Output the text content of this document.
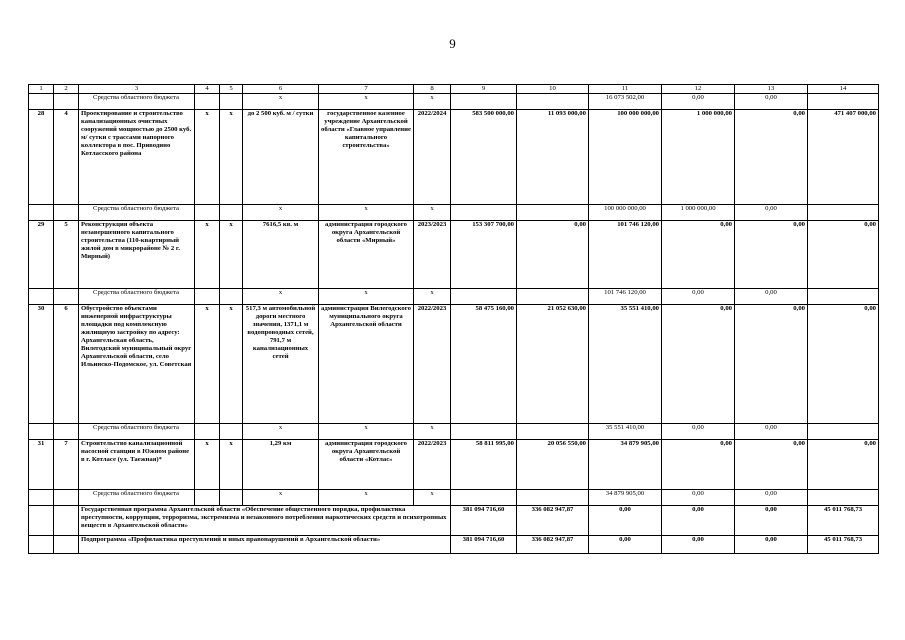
9
1	2	3	4	5	6	7	8	9	10	11	12	13	14
		Средства областного бюджета			х	х	х			16 073 502,00	0,00	0,00	
28	4	Проектирование и строительство канализационных очистных сооружений мощностью до 2500 куб. м/ сутки с трассами напорного коллектора в пос. Приводино Котласского района	х	х	до 2 500 куб. м / сутки	государственное казенное учреждение Архангельской области «Главное управление капитального строительства»	2022/2024	583 500 000,00	11 093 000,00	100 000 000,00	1 000 000,00	0,00	471 407 000,00
		Средства областного бюджета			х	х	х			100 000 000,00	1 000 000,00	0,00	
29	5	Реконструкция объекта незавершенного капитального строительства (110-квартирный жилой дом в микрорайоне № 2 г. Мирный)	х	х	7616,5 кв. м	администрация городского округа Архангельской области «Мирный»	2023/2023	153 307 700,00	0,00	101 746 120,00	0,00	0,00	0,00
		Средства областного бюджета			х	х	х			101 746 120,00	0,00	0,00	
30	6	Обустройство объектами инженерной инфраструктуры площадки под комплексную жилищную застройку по адресу: Архангельская область, Вилегодский муниципальный округ Архангельской области, село Ильинско-Подомское, ул. Советская	х	х	517,3 м автомобильной дороги местного значения, 1371,1 м водопроводных сетей, 791,7 м канализационных сетей	администрация Вилегодского муниципального округа Архангельской области	2022/2023	58 475 160,00	21 052 630,00	35 551 410,00	0,00	0,00	0,00
		Средства областного бюджета			х	х	х			35 551 410,00	0,00	0,00	
31	7	Строительство канализационной насосной станции в Южном районе в г. Котласе (ул. Таежная)*	х	х	1,29 км	администрация городского округа Архангельской области «Котлас»	2022/2023	58 811 995,00	20 056 550,00	34 879 905,00	0,00	0,00	0,00
		Средства областного бюджета			х	х	х			34 879 905,00	0,00	0,00	
		Государственная программа Архангельской области «Обеспечение общественного порядка, профилактика преступности, коррупции, терроризма, экстремизма и незаконного потребления наркотических средств и психотропных веществ в Архангельской области»						381 094 716,60	336 082 947,87	0,00	0,00	0,00	45 011 768,73
		Подпрограмма «Профилактика преступлений и иных правонарушений в Архангельской области»						381 094 716,60	336 082 947,87	0,00	0,00	0,00	45 011 768,73
